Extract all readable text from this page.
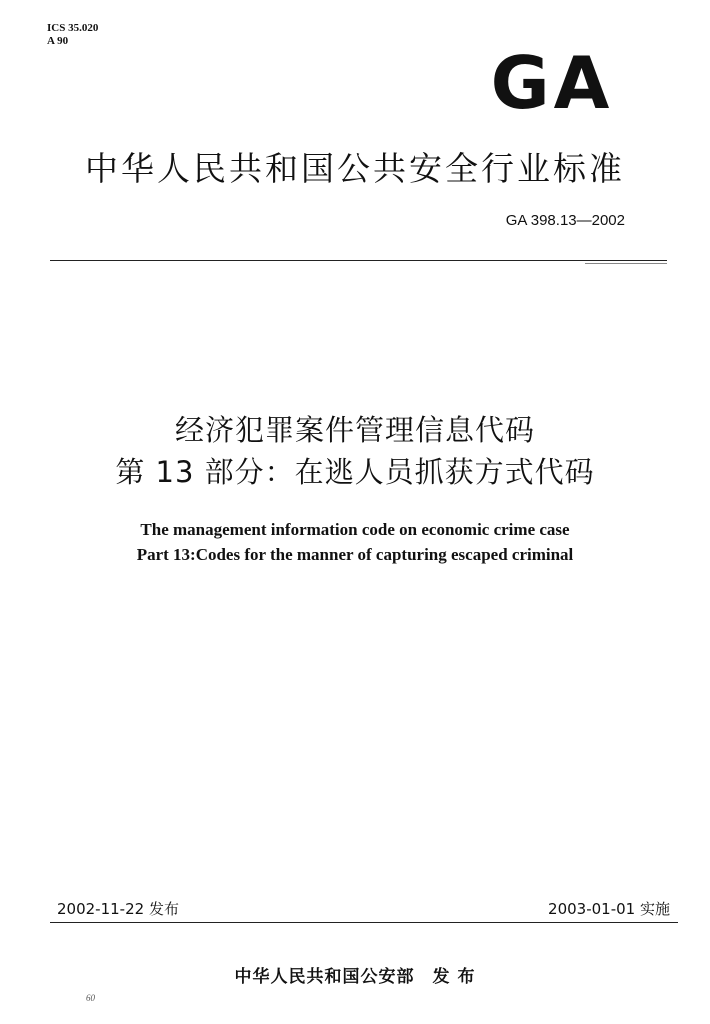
ICS 35.020
A 90	GA
中华人民共和国公共安全行业标准
GA 398.13—2002
经济犯罪案件管理信息代码
第 13 部分：在逃人员抓获方式代码
The management information code on economic crime case
Part 13:Codes for the manner of capturing escaped criminal
2002-11-22 发布	2003-01-01 实施
中华人民共和国公安部　发 布
60
